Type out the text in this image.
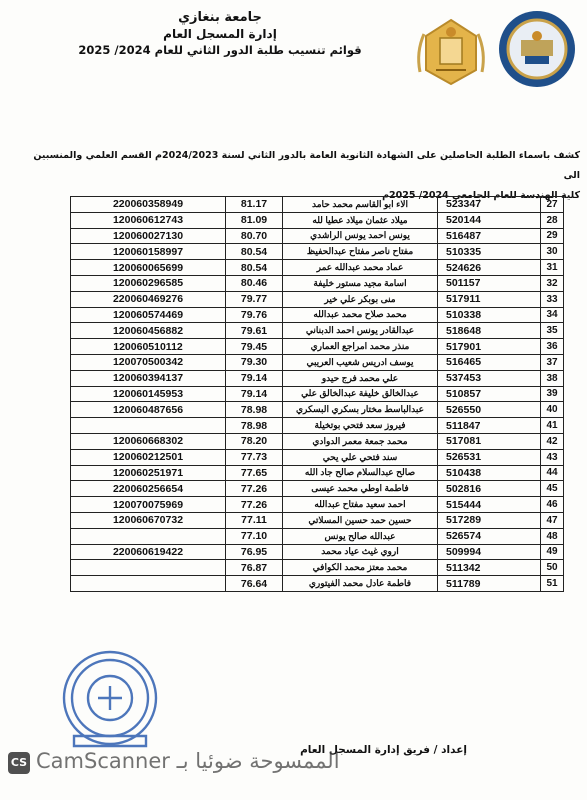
جامعة بنغازي
إدارة المسجل العام
قوائم تنسيب طلبة الدور الثاني للعام 2024/ 2025
كشف باسماء الطلبة الحاصلين على الشهادة الثانوية العامة بالدور الثاني لسنة 2024/2023م القسم العلمي والمنسبين الى
كلية الهندسة للعام الجامعي 2024/ 2025م
220060358949	81.17	الاء ابو القاسم محمد حامد	523347	27
120060612743	81.09	ميلاد عثمان ميلاد عطيا لله	520144	28
120060027130	80.70	يونس احمد يونس الراشدي	516487	29
120060158997	80.54	مفتاح ناصر مفتاح عبدالحفيظ	510335	30
120060065699	80.54	عماد محمد عبدالله عمر	524626	31
120060296585	80.46	اسامة مجيد مستور خليفة	501157	32
220060469276	79.77	منى بوبكر علي خير	517911	33
120060574469	79.76	محمد صلاح محمد عبدالله	510338	34
120060456882	79.61	عبدالقادر يونس احمد الدبناني	518648	35
120060510112	79.45	منذر محمد امراجع العماري	517901	36
120070500342	79.30	يوسف ادريس شعيب العريبي	516465	37
120060394137	79.14	علي محمد فرج حيدو	537453	38
120060145953	79.14	عبدالخالق خليفة عبدالخالق علي	510857	39
120060487656	78.98	عبدالباسط مختار بسكري البسكري	526550	40
	78.98	فيروز سعد فتحي بوتخيلة	511847	41
120060668302	78.20	محمد جمعة معمر الدوادي	517081	42
120060212501	77.73	سند فتحي علي يحي	526531	43
120060251971	77.65	صالح عبدالسلام صالح جاد الله	510438	44
220060256654	77.26	فاطمة اوطي محمد عيسى	502816	45
120070075969	77.26	احمد سعيد مفتاح عبدالله	515444	46
120060670732	77.11	حسين حمد حسين المسلاتي	517289	47
	77.10	عبدالله صالح يونس	526574	48
220060619422	76.95	اروي غيث عياد محمد	509994	49
	76.87	محمد معتز محمد الكوافي	511342	50
	76.64	فاطمة عادل محمد الفيتوري	511789	51
إعداد / فريق إدارة المسجل العام
CS CamScanner الممسوحة ضوئيا بـ
